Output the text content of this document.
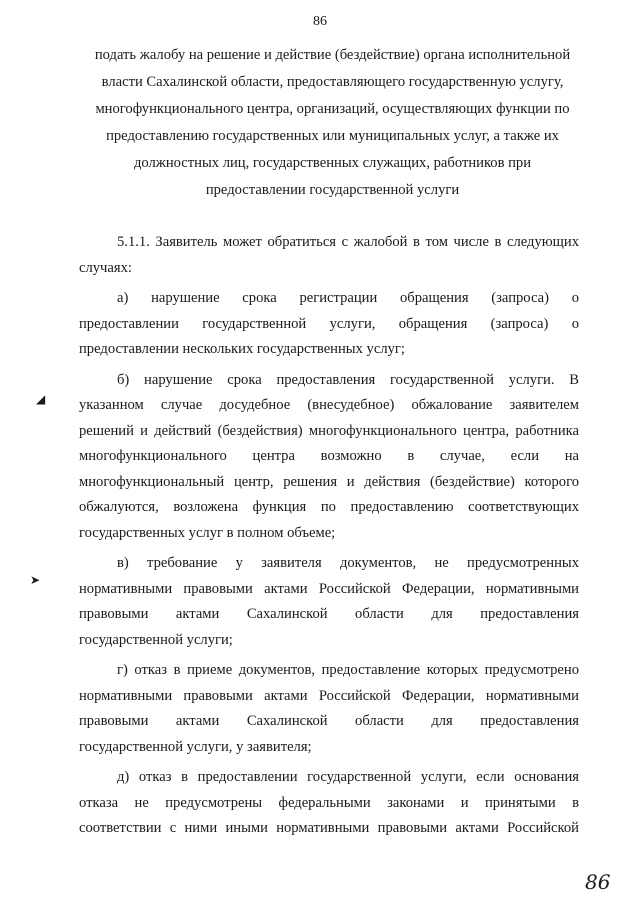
86
подать жалобу на решение и действие (бездействие) органа исполнительной
власти Сахалинской области, предоставляющего государственную услугу,
многофункционального центра, организаций, осуществляющих функции по
предоставлению государственных или муниципальных услуг, а также их
должностных лиц, государственных служащих, работников при
предоставлении государственной услуги
5.1.1. Заявитель может обратиться с жалобой в том числе в следующих
случаях:
а) нарушение срока регистрации обращения (запроса) о
предоставлении государственной услуги, обращения (запроса) о
предоставлении нескольких государственных услуг;
б) нарушение срока предоставления государственной услуги. В
указанном случае досудебное (внесудебное) обжалование заявителем
решений и действий (бездействия) многофункционального центра, работника
многофункционального центра возможно в случае, если на
многофункциональный центр, решения и действия (бездействие) которого
обжалуются, возложена функция по предоставлению соответствующих
государственных услуг в полном объеме;
в) требование у заявителя документов, не предусмотренных
нормативными правовыми актами Российской Федерации, нормативными
правовыми актами Сахалинской области для предоставления
государственной услуги;
г) отказ в приеме документов, предоставление которых предусмотрено
нормативными правовыми актами Российской Федерации, нормативными
правовыми актами Сахалинской области для предоставления
государственной услуги, у заявителя;
д) отказ в предоставлении государственной услуги, если основания
отказа не предусмотрены федеральными законами и принятыми в
соответствии с ними иными нормативными правовыми актами Российской
◢
➤
86
